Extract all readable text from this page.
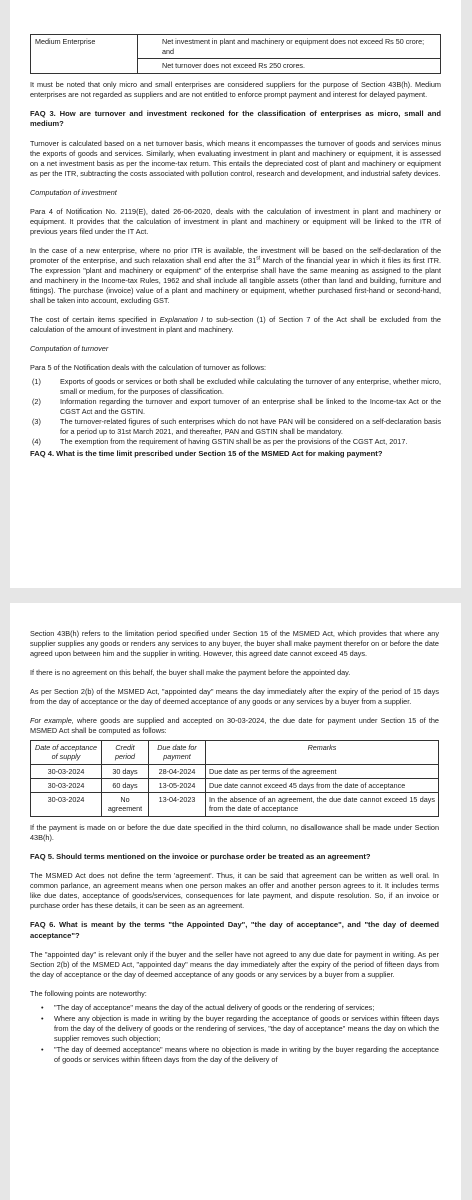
Medium Enterprise	Net investment in plant and machinery or equipment does not exceed Rs 50 crore; and
Net turnover does not exceed Rs 250 crores.

It must be noted that only micro and small enterprises are considered suppliers for the purpose of Section 43B(h). Medium enterprises are not regarded as suppliers and are not entitled to enforce prompt payment and interest for delayed payment.

FAQ 3. How are turnover and investment reckoned for the classification of enterprises as micro, small and medium?

Turnover is calculated based on a net turnover basis, which means it encompasses the turnover of goods and services minus the exports of goods and services. Similarly, when evaluating investment in plant and machinery or equipment, it is assessed on a net investment basis as per the income-tax return. This entails the depreciated cost of plant and machinery or equipment as per the ITR, subtracting the costs associated with pollution control, research and development, and industrial safety devices.

Computation of investment

Para 4 of Notification No. 2119(E), dated 26-06-2020, deals with the calculation of investment in plant and machinery or equipment. It provides that the calculation of investment in plant and machinery or equipment will be linked to the ITR of previous years filed under the IT Act.

In the case of a new enterprise, where no prior ITR is available, the investment will be based on the self-declaration of the promoter of the enterprise, and such relaxation shall end after the 31st March of the financial year in which it files its first ITR. The expression "plant and machinery or equipment" of the enterprise shall have the same meaning as assigned to the plant and machinery in the Income-tax Rules, 1962 and shall include all tangible assets (other than land and building, furniture and fittings). The purchase (invoice) value of a plant and machinery or equipment, whether purchased first-hand or second-hand, shall be taken into account, excluding GST.

The cost of certain items specified in Explanation I to sub-section (1) of Section 7 of the Act shall be excluded from the calculation of the amount of investment in plant and machinery.

Computation of turnover

Para 5 of the Notification deals with the calculation of turnover as follows:

(1)	Exports of goods or services or both shall be excluded while calculating the turnover of any enterprise, whether micro, small or medium, for the purposes of classification.
(2)	Information regarding the turnover and export turnover of an enterprise shall be linked to the Income-tax Act or the CGST Act and the GSTIN.
(3)	The turnover-related figures of such enterprises which do not have PAN will be considered on a self-declaration basis for a period up to 31st March 2021, and thereafter, PAN and GSTIN shall be mandatory.
(4)	The exemption from the requirement of having GSTIN shall be as per the provisions of the CGST Act, 2017.

FAQ 4. What is the time limit prescribed under Section 15 of the MSMED Act for making payment?

Section 43B(h) refers to the limitation period specified under Section 15 of the MSMED Act, which provides that where any supplier supplies any goods or renders any services to any buyer, the buyer shall make payment therefor on or before the date agreed upon between him and the supplier in writing. However, this agreed date cannot exceed 45 days.

If there is no agreement on this behalf, the buyer shall make the payment before the appointed day.

As per Section 2(b) of the MSMED Act, "appointed day" means the day immediately after the expiry of the period of 15 days from the day of acceptance or the day of deemed acceptance of any goods or any services by a buyer from a supplier.

For example, where goods are supplied and accepted on 30-03-2024, the due date for payment under Section 15 of the MSMED Act shall be computed as follows:

Date of acceptance of supply	Credit period	Due date for payment	Remarks
30-03-2024	30 days	28-04-2024	Due date as per terms of the agreement
30-03-2024	60 days	13-05-2024	Due date cannot exceed 45 days from the date of acceptance
30-03-2024	No agreement	13-04-2023	In the absence of an agreement, the due date cannot exceed 15 days from the date of acceptance

If the payment is made on or before the due date specified in the third column, no disallowance shall be made under Section 43B(h).

FAQ 5. Should terms mentioned on the invoice or purchase order be treated as an agreement?

The MSMED Act does not define the term 'agreement'. Thus, it can be said that agreement can be written as well oral. In common parlance, an agreement means when one person makes an offer and another person agrees to it. It includes terms like due dates, acceptance of goods/services, consequences for late payment, and dispute resolution. So, if an invoice or purchase order has these details, it can be seen as an agreement.

FAQ 6. What is meant by the terms "the Appointed Day", "the day of acceptance", and "the day of deemed acceptance"?

The "appointed day" is relevant only if the buyer and the seller have not agreed to any due date for payment in writing. As per Section 2(b) of the MSMED Act, "appointed day" means the day immediately after the expiry of the period of fifteen days from the day of acceptance or the day of deemed acceptance of any goods or any services by a buyer from a supplier.

The following points are noteworthy:

• "The day of acceptance" means the day of the actual delivery of goods or the rendering of services;
• Where any objection is made in writing by the buyer regarding the acceptance of goods or services within fifteen days from the day of the delivery of goods or the rendering of services, "the day of acceptance" means the day on which the supplier removes such objection;
• "The day of deemed acceptance" means where no objection is made in writing by the buyer regarding the acceptance of goods or services within fifteen days from the day of the delivery of
